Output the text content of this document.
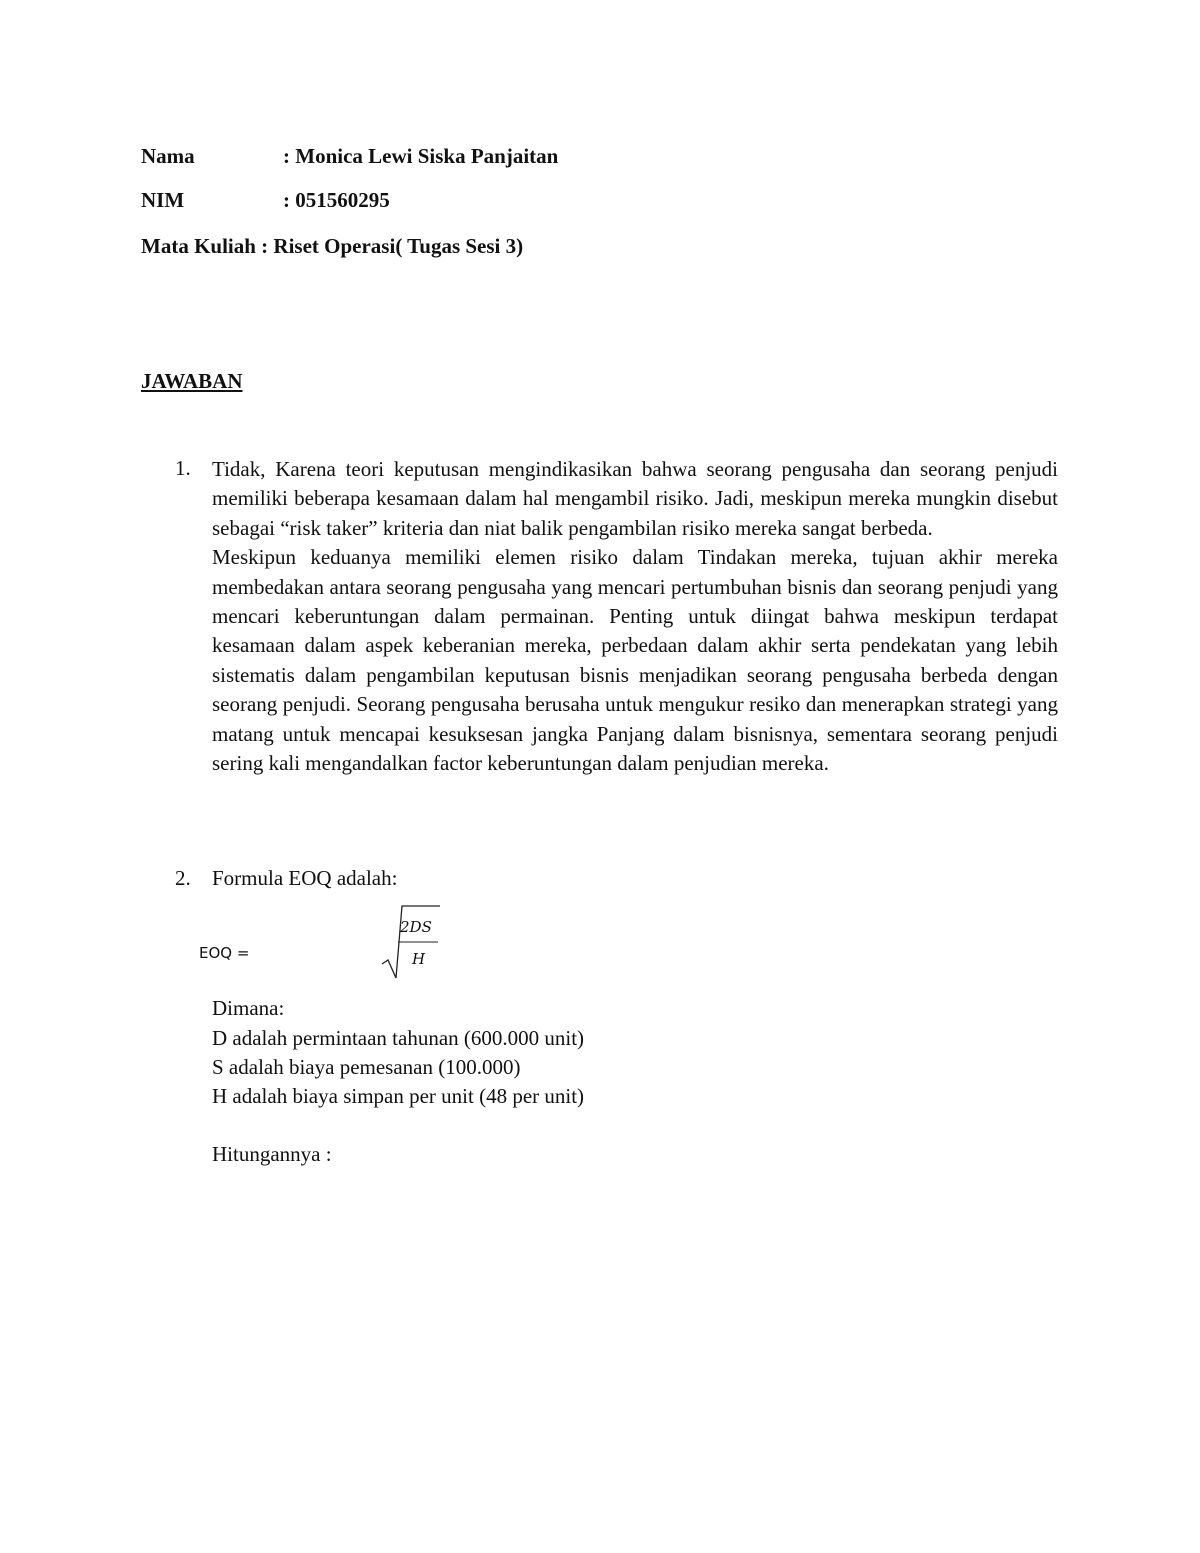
Nama	: Monica Lewi Siska Panjaitan
NIM	: 051560295
Mata Kuliah : Riset Operasi( Tugas Sesi 3)
JAWABAN
1. Tidak, Karena teori keputusan mengindikasikan bahwa seorang pengusaha dan seorang penjudi memiliki beberapa kesamaan dalam hal mengambil risiko. Jadi, meskipun mereka mungkin disebut sebagai “risk taker” kriteria dan niat balik pengambilan risiko mereka sangat berbeda.

Meskipun keduanya memiliki elemen risiko dalam Tindakan mereka, tujuan akhir mereka membedakan antara seorang pengusaha yang mencari pertumbuhan bisnis dan seorang penjudi yang mencari keberuntungan dalam permainan. Penting untuk diingat bahwa meskipun terdapat kesamaan dalam aspek keberanian mereka, perbedaan dalam akhir serta pendekatan yang lebih sistematis dalam pengambilan keputusan bisnis menjadikan seorang pengusaha berbeda dengan seorang penjudi. Seorang pengusaha berusaha untuk mengukur resiko dan menerapkan strategi yang matang untuk mencapai kesuksesan jangka Panjang dalam bisnisnya, sementara seorang penjudi sering kali mengandalkan factor keberuntungan dalam penjudian mereka.

2. Formula EOQ adalah:
EOQ =
2DS
H
Dimana:
D adalah permintaan tahunan (600.000 unit)
S adalah biaya pemesanan (100.000)
H adalah biaya simpan per unit (48 per unit)
Hitungannya :
